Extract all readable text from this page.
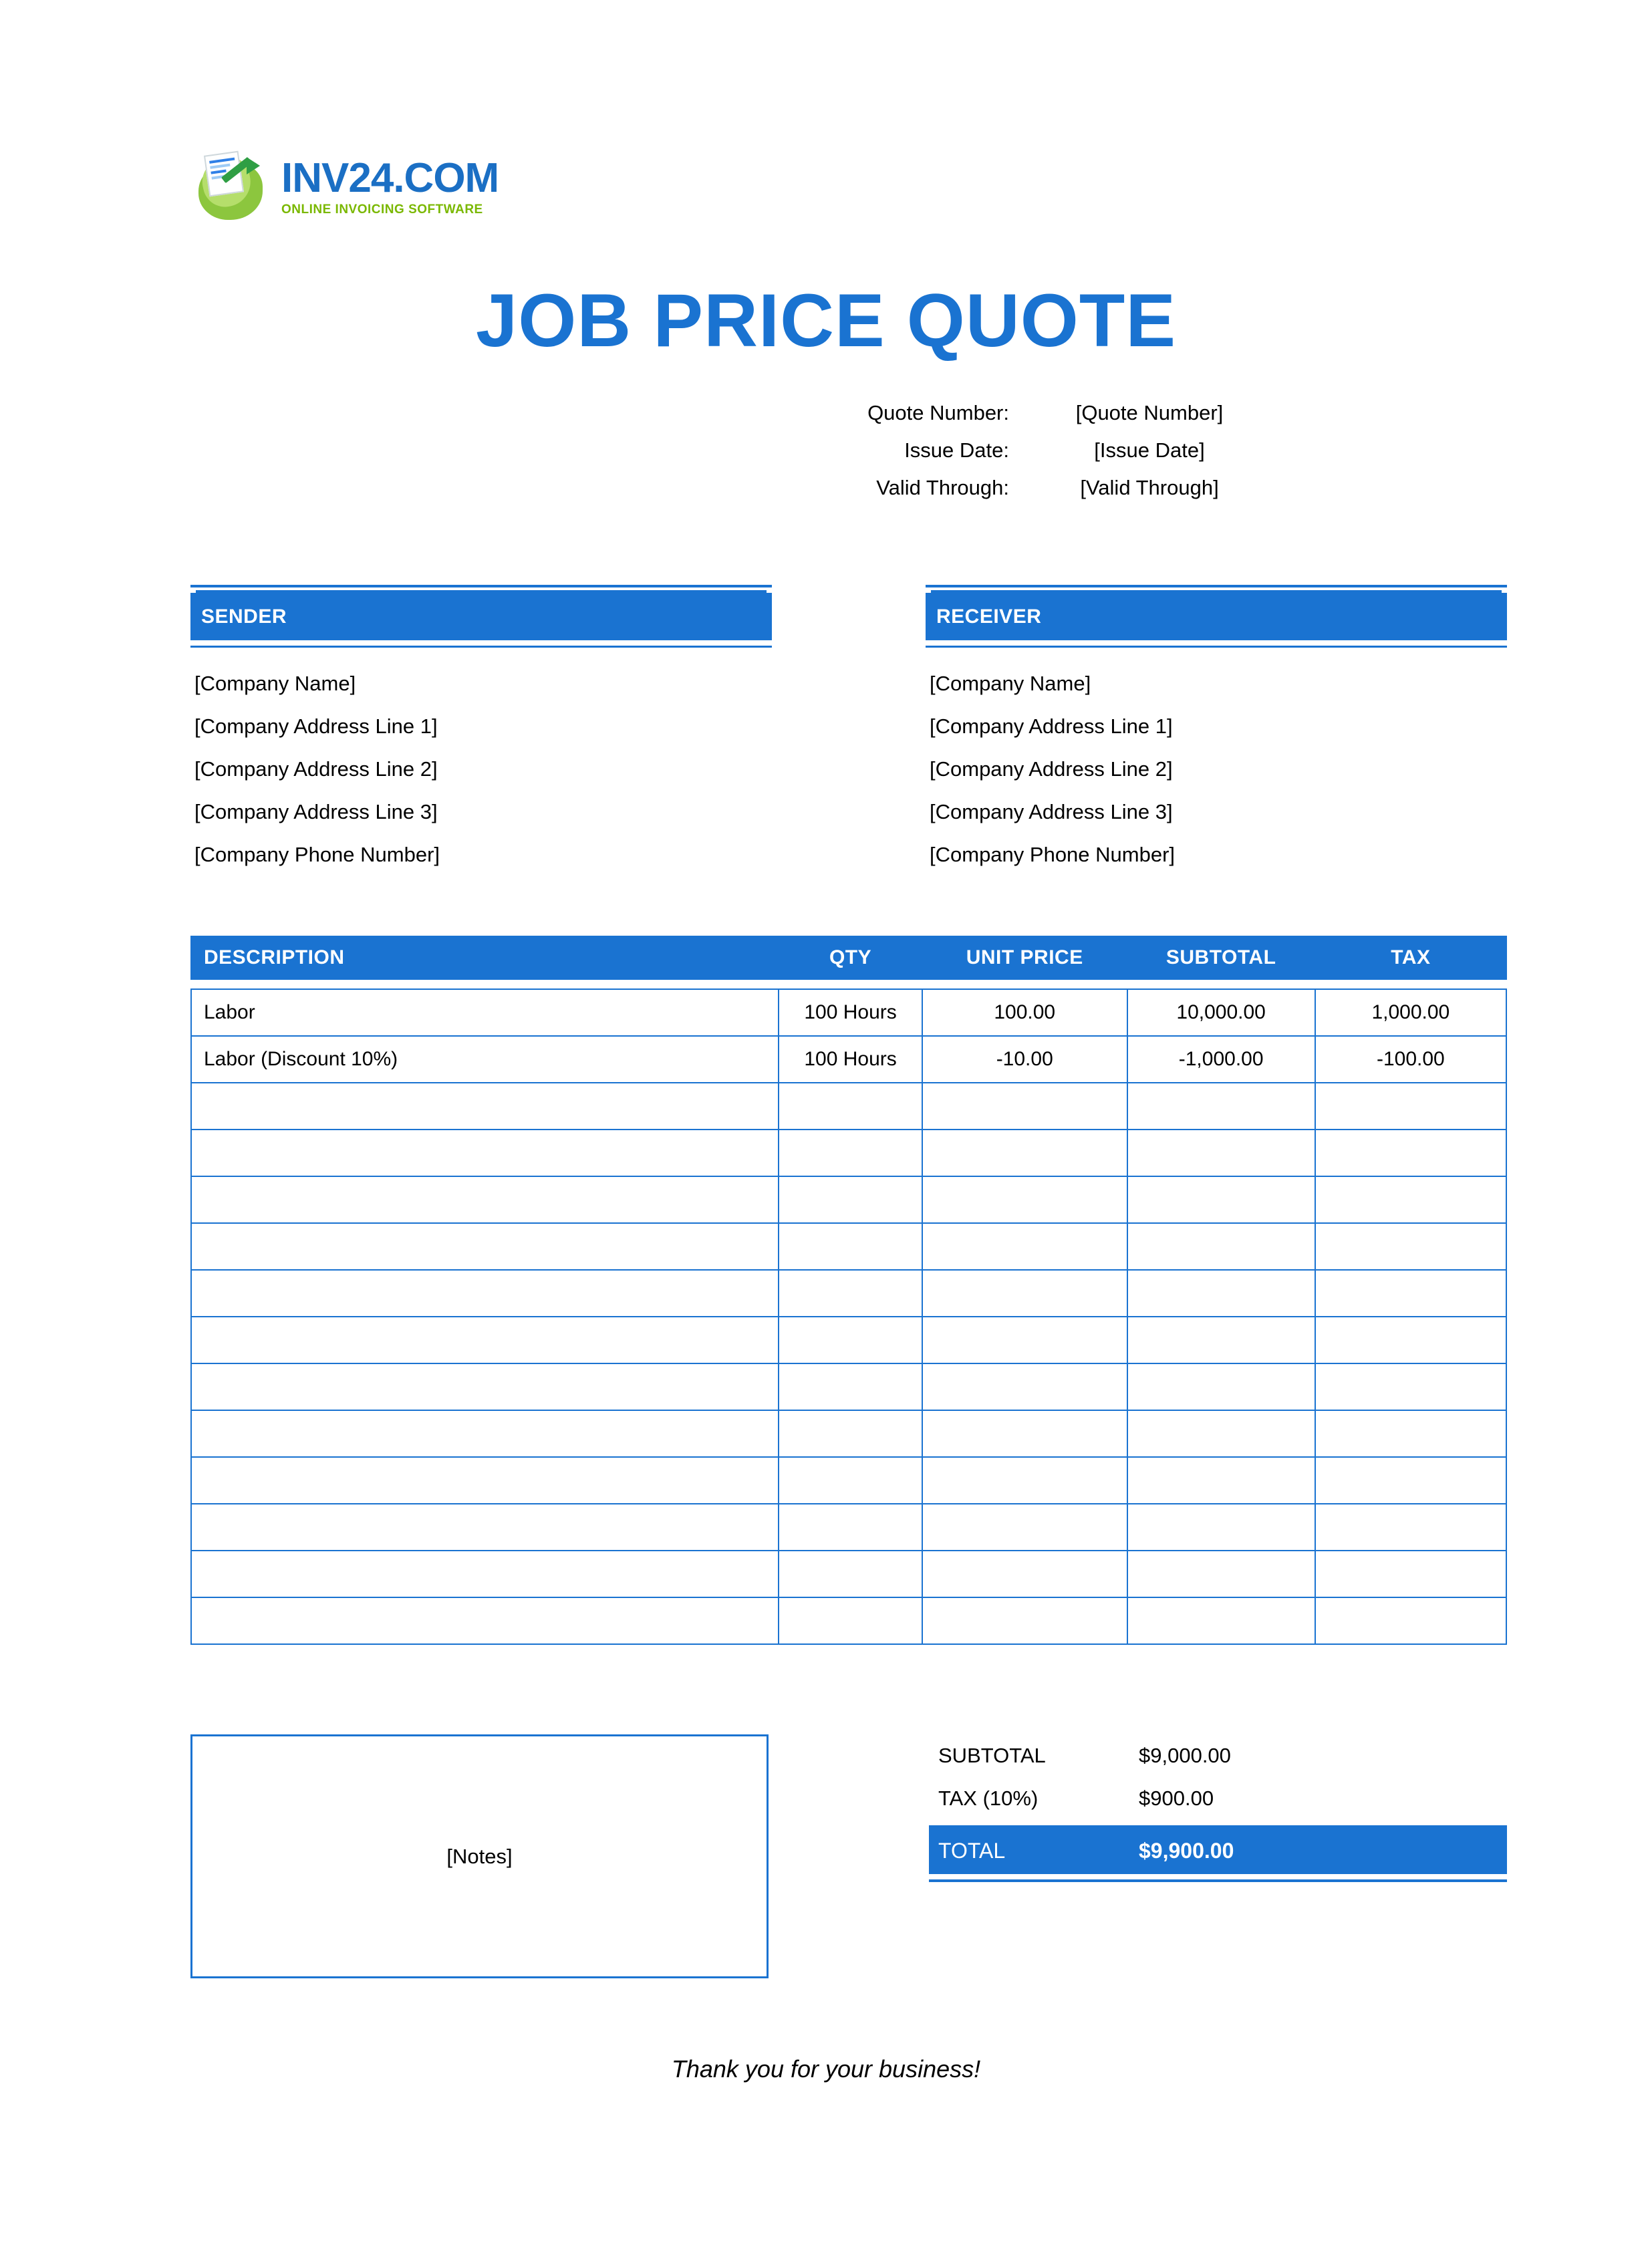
INV24.COM
ONLINE INVOICING SOFTWARE
JOB PRICE QUOTE
Quote Number:	[Quote Number]
Issue Date:	[Issue Date]
Valid Through:	[Valid Through]
SENDER
[Company Name]
[Company Address Line 1]
[Company Address Line 2]
[Company Address Line 3]
[Company Phone Number]
RECEIVER
[Company Name]
[Company Address Line 1]
[Company Address Line 2]
[Company Address Line 3]
[Company Phone Number]
DESCRIPTION	QTY	UNIT PRICE	SUBTOTAL	TAX

Labor	100 Hours	100.00	10,000.00	1,000.00
Labor (Discount 10%)	100 Hours	-10.00	-1,000.00	-100.00

[Notes]
SUBTOTAL	$9,000.00
TAX (10%)	$900.00
TOTAL	$9,900.00
Thank you for your business!
